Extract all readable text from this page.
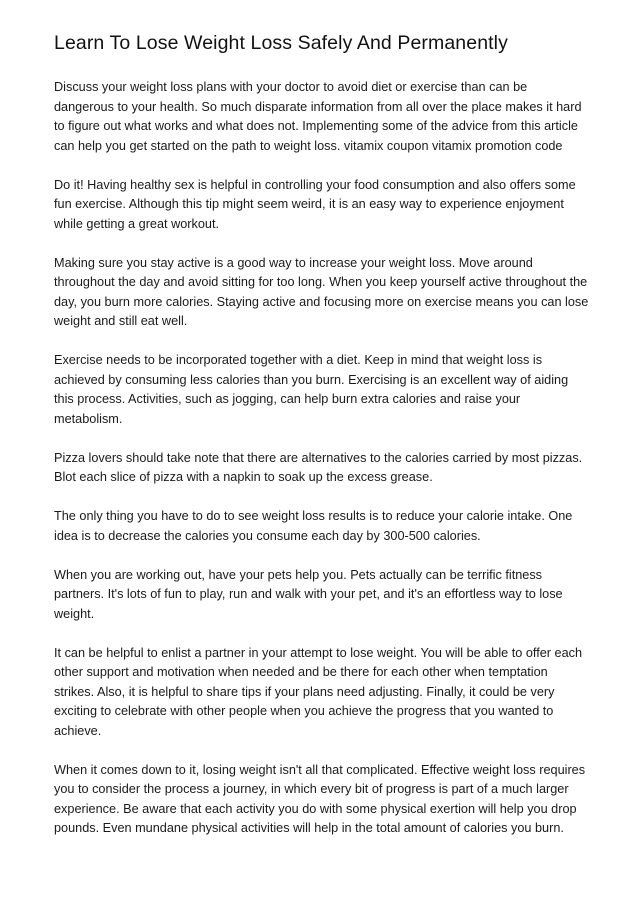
Learn To Lose Weight Loss Safely And Permanently

Discuss your weight loss plans with your doctor to avoid diet or exercise than can be dangerous to your health. So much disparate information from all over the place makes it hard to figure out what works and what does not. Implementing some of the advice from this article can help you get started on the path to weight loss. vitamix coupon vitamix promotion code

Do it! Having healthy sex is helpful in controlling your food consumption and also offers some fun exercise. Although this tip might seem weird, it is an easy way to experience enjoyment while getting a great workout.

Making sure you stay active is a good way to increase your weight loss. Move around throughout the day and avoid sitting for too long. When you keep yourself active throughout the day, you burn more calories. Staying active and focusing more on exercise means you can lose weight and still eat well.

Exercise needs to be incorporated together with a diet. Keep in mind that weight loss is achieved by consuming less calories than you burn. Exercising is an excellent way of aiding this process. Activities, such as jogging, can help burn extra calories and raise your metabolism.

Pizza lovers should take note that there are alternatives to the calories carried by most pizzas. Blot each slice of pizza with a napkin to soak up the excess grease.

The only thing you have to do to see weight loss results is to reduce your calorie intake. One idea is to decrease the calories you consume each day by 300-500 calories.

When you are working out, have your pets help you. Pets actually can be terrific fitness partners. It's lots of fun to play, run and walk with your pet, and it's an effortless way to lose weight.

It can be helpful to enlist a partner in your attempt to lose weight. You will be able to offer each other support and motivation when needed and be there for each other when temptation strikes. Also, it is helpful to share tips if your plans need adjusting. Finally, it could be very exciting to celebrate with other people when you achieve the progress that you wanted to achieve.

When it comes down to it, losing weight isn't all that complicated. Effective weight loss requires you to consider the process a journey, in which every bit of progress is part of a much larger experience. Be aware that each activity you do with some physical exertion will help you drop pounds. Even mundane physical activities will help in the total amount of calories you burn.
